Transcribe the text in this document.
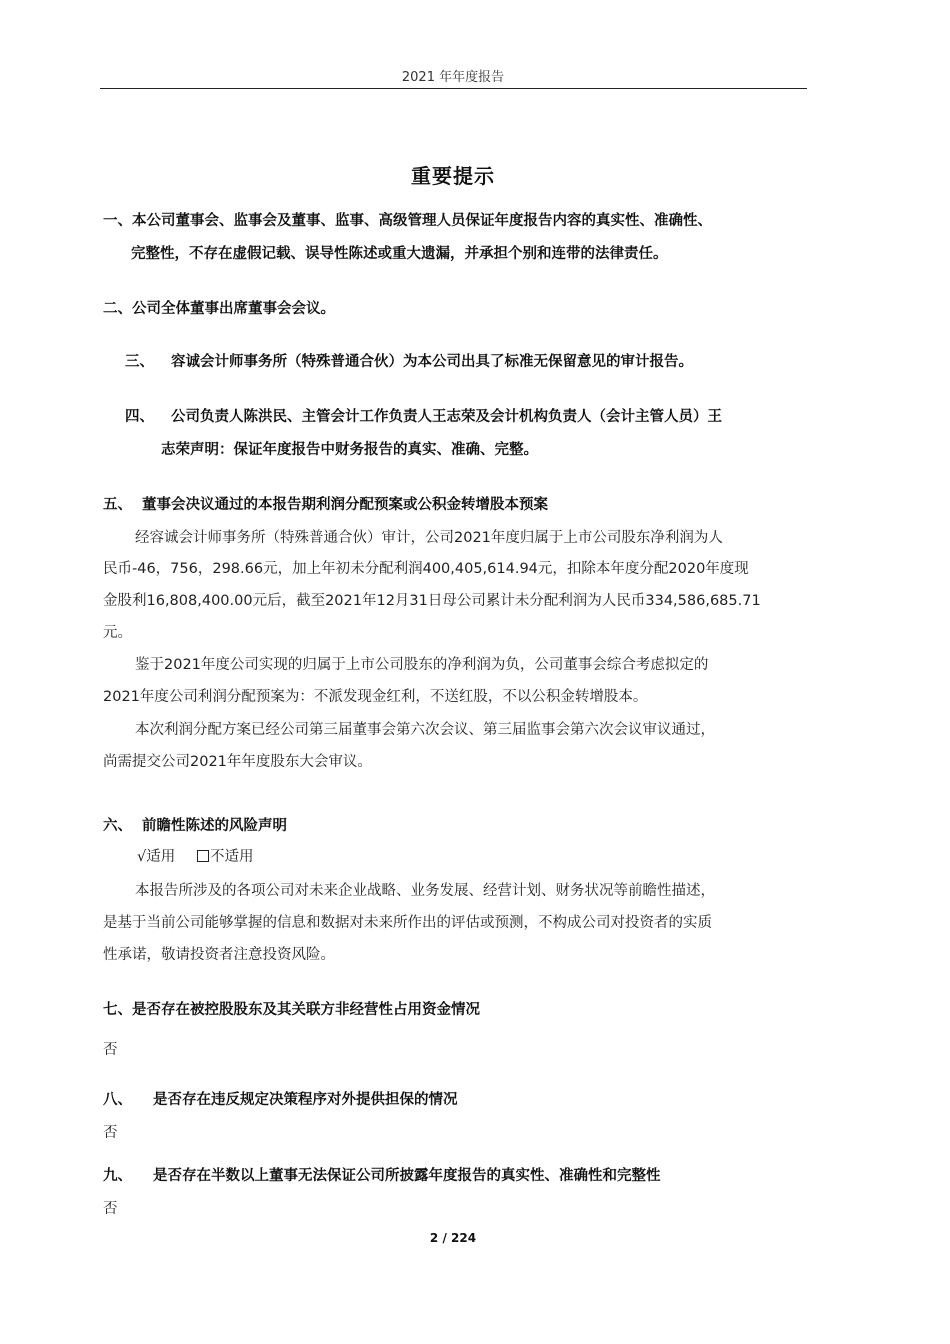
2021 年年度报告
重要提示
一、本公司董事会、监事会及董事、监事、高级管理人员保证年度报告内容的真实性、准确性、
完整性，不存在虚假记载、误导性陈述或重大遗漏，并承担个别和连带的法律责任。
二、公司全体董事出席董事会会议。
三、 容诚会计师事务所（特殊普通合伙）为本公司出具了标准无保留意见的审计报告。
四、 公司负责人陈洪民、主管会计工作负责人王志荣及会计机构负责人（会计主管人员）王
志荣声明：保证年度报告中财务报告的真实、准确、完整。
五、 董事会决议通过的本报告期利润分配预案或公积金转增股本预案
经容诚会计师事务所（特殊普通合伙）审计，公司2021年度归属于上市公司股东净利润为人
民币-46，756，298.66元，加上年初未分配利润400,405,614.94元，扣除本年度分配2020年度现
金股利16,808,400.00元后，截至2021年12月31日母公司累计未分配利润为人民币334,586,685.71
元。
鉴于2021年度公司实现的归属于上市公司股东的净利润为负，公司董事会综合考虑拟定的
2021年度公司利润分配预案为：不派发现金红利，不送红股，不以公积金转增股本。
本次利润分配方案已经公司第三届董事会第六次会议、第三届监事会第六次会议审议通过，
尚需提交公司2021年年度股东大会审议。
六、 前瞻性陈述的风险声明
√适用	不适用
本报告所涉及的各项公司对未来企业战略、业务发展、经营计划、财务状况等前瞻性描述，
是基于当前公司能够掌握的信息和数据对未来所作出的评估或预测，不构成公司对投资者的实质
性承诺，敬请投资者注意投资风险。
七、是否存在被控股股东及其关联方非经营性占用资金情况
否
八、 是否存在违反规定决策程序对外提供担保的情况
否
九、 是否存在半数以上董事无法保证公司所披露年度报告的真实性、准确性和完整性
否
2 / 224
